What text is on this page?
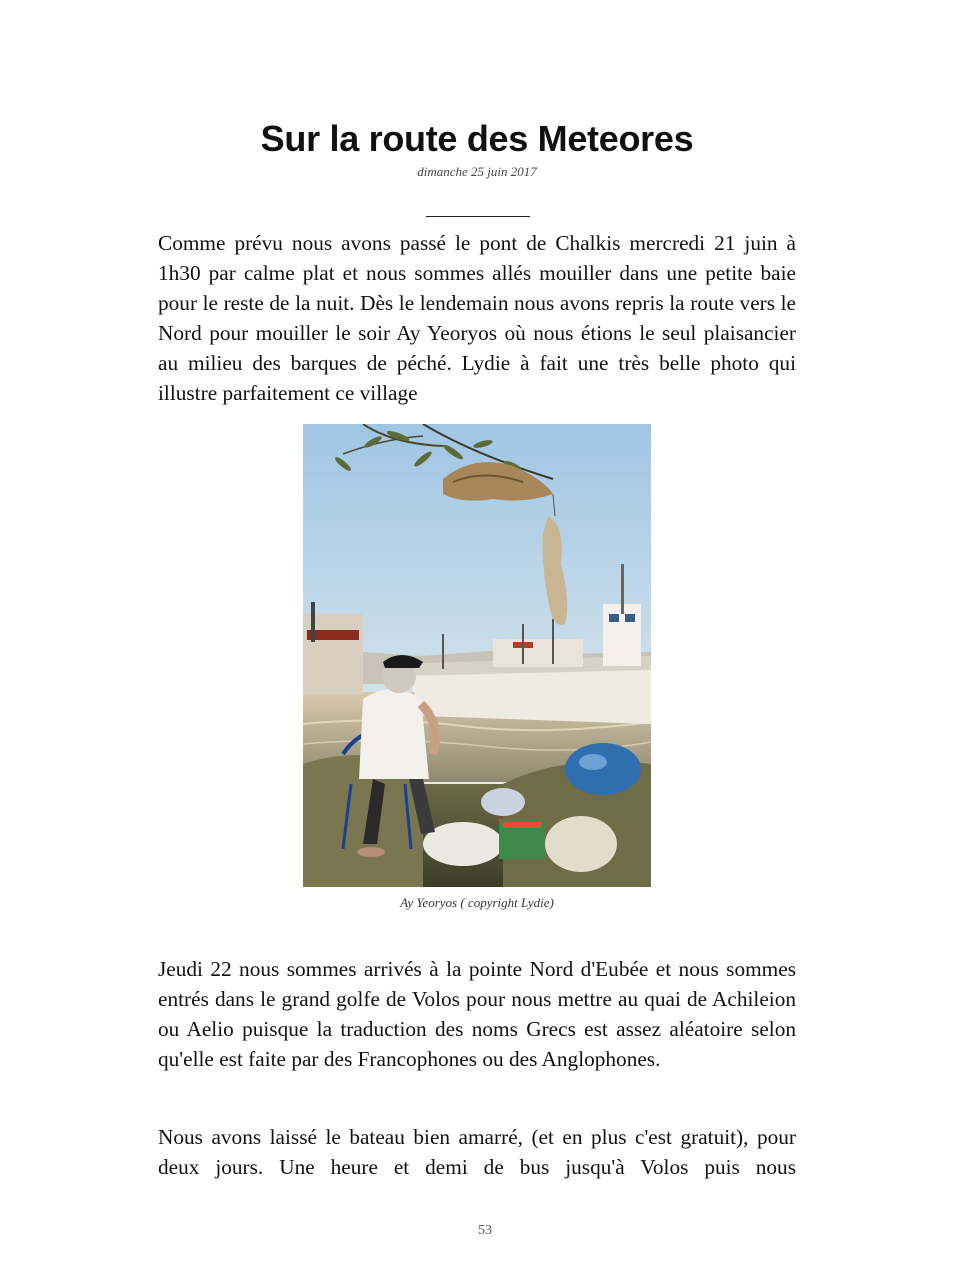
Sur la route des Meteores
dimanche 25 juin 2017

Comme prévu nous avons passé le pont de Chalkis mercredi 21 juin à 1h30 par calme plat et nous sommes allés mouiller dans une petite baie pour le reste de la nuit. Dès le lendemain nous avons repris la route vers le Nord pour mouiller le soir Ay Yeoryos où nous étions le seul plaisancier au milieu des barques de péché. Lydie à fait une très belle photo qui illustre parfaitement ce village

Ay Yeoryos ( copyright Lydie)

Jeudi 22 nous sommes arrivés à la pointe Nord d'Eubée et nous sommes entrés dans le grand golfe de Volos pour nous mettre au quai de Achileion ou Aelio puisque la traduction des noms Grecs est assez aléatoire selon qu'elle est faite par des Francophones ou des Anglophones.

Nous avons laissé le bateau bien amarré, (et en plus c'est gratuit), pour deux jours. Une heure et demi de bus jusqu'à Volos puis nous

53
